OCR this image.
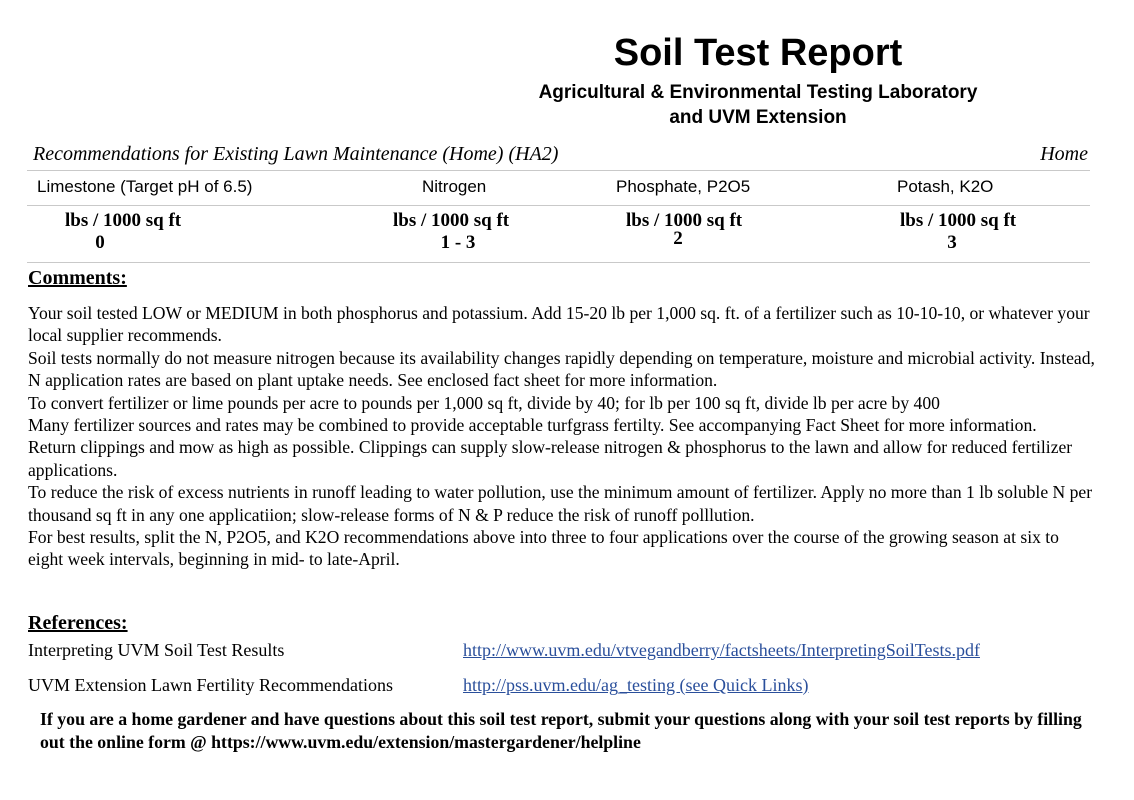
Soil Test Report
Agricultural & Environmental Testing Laboratory
and UVM Extension
Recommendations for Existing Lawn Maintenance (Home) (HA2)	Home
Limestone (Target pH of 6.5)	Nitrogen	Phosphate, P2O5	Potash, K2O
lbs / 1000 sq ft	lbs / 1000 sq ft	lbs / 1000 sq ft	lbs / 1000 sq ft
0	1 - 3	2	3
Comments:

Your soil tested LOW or MEDIUM in both phosphorus and potassium. Add 15-20 lb per 1,000 sq. ft. of a fertilizer such as 10-10-10, or whatever your local supplier recommends.

Soil tests normally do not measure nitrogen because its availability changes rapidly depending on temperature, moisture and microbial activity. Instead, N application rates are based on plant uptake needs. See enclosed fact sheet for more information.

To convert fertilizer or lime pounds per acre to pounds per 1,000 sq ft, divide by 40; for lb per 100 sq ft, divide lb per acre by 400

Many fertilizer sources and rates may be combined to provide acceptable turfgrass fertilty. See accompanying Fact Sheet for more information.

Return clippings and mow as high as possible. Clippings can supply slow-release nitrogen & phosphorus to the lawn and allow for reduced fertilizer applications.

To reduce the risk of excess nutrients in runoff leading to water pollution, use the minimum amount of fertilizer. Apply no more than 1 lb soluble N per thousand sq ft in any one applicatiion; slow-release forms of N & P reduce the risk of runoff polllution.

For best results, split the N, P2O5, and K2O recommendations above into three to four applications over the course of the growing season at six to eight week intervals, beginning in mid- to late-April.

References:
Interpreting UVM Soil Test Results	http://www.uvm.edu/vtvegandberry/factsheets/InterpretingSoilTests.pdf
UVM Extension Lawn Fertility Recommendations	http://pss.uvm.edu/ag_testing (see Quick Links)
If you are a home gardener and have questions about this soil test report, submit your questions along with your soil test reports by filling out the online form @ https://www.uvm.edu/extension/mastergardener/helpline
